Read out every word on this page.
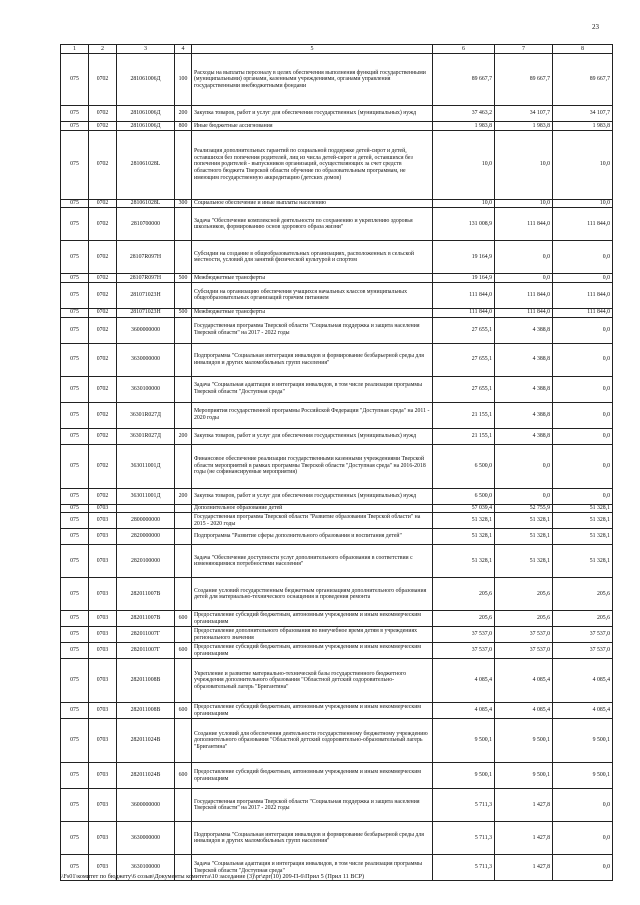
23
1	2	3	4	5	6	7	8
075	0702	281061006Д	100	Расходы на выплаты персоналу в целях обеспечения выполнения функций государственными (муниципальными) органами, казенными учреждениями, органами управления государственными внебюджетными фондами	89 667,7	89 667,7	89 667,7
075	0702	281061006Д	200	Закупка товаров, работ и услуг для обеспечения государственных (муниципальных) нужд	37 463,2	34 107,7	34 107,7
075	0702	281061006Д	800	Иные бюджетные ассигнования	1 983,8	1 983,8	1 983,8
075	0702	281061028L		Реализация дополнительных гарантий по социальной поддержке детей-сирот и детей, оставшихся без попечения родителей, лиц из числа детей-сирот и детей, оставшихся без попечения родителей - выпускников организаций, осуществляющих за счет средств областного бюджета Тверской области обучение по образовательным программам, не имеющим государственную аккредитацию (детских домов)	10,0	10,0	10,0
075	0702	281061028L	300	Социальное обеспечение и иные выплаты населению	10,0	10,0	10,0
075	0702	2810700000		Задача "Обеспечение комплексной деятельности по сохранению и укреплению здоровья школьников, формированию основ здорового образа жизни"	131 008,9	111 844,0	111 844,0
075	0702	28107R097H		Субсидии на создание в общеобразовательных организациях, расположенных в сельской местности, условий для занятий физической культурой и спортом	19 164,9	0,0	0,0
075	0702	28107R097H	500	Межбюджетные трансферты	19 164,9	0,0	0,0
075	0702	281071023H		Субсидии на организацию обеспечения учащихся начальных классов муниципальных общеобразовательных организаций горячим питанием	111 844,0	111 844,0	111 844,0
075	0702	281071023H	500	Межбюджетные трансферты	111 844,0	111 844,0	111 844,0
075	0702	3600000000		Государственная программа Тверской области "Социальная поддержка и защита населения Тверской области" на 2017 - 2022 годы	27 655,1	4 388,8	0,0
075	0702	3630000000		Подпрограмма "Социальная интеграция инвалидов и формирование безбарьерной среды для инвалидов и других маломобильных групп населения"	27 655,1	4 388,8	0,0
075	0702	3630100000		Задача "Социальная адаптация и интеграция инвалидов, в том числе реализация программы Тверской области "Доступная среда"	27 655,1	4 388,8	0,0
075	0702	36301R027Д		Мероприятия государственной программы Российской Федерации "Доступная среда" на 2011 - 2020 годы	21 155,1	4 388,8	0,0
075	0702	36301R027Д	200	Закупка товаров, работ и услуг для обеспечения государственных (муниципальных) нужд	21 155,1	4 388,8	0,0
075	0702	363011001Д		Финансовое обеспечение реализации государственными казенными учреждениями Тверской области мероприятий в рамках программы Тверской области "Доступная среда" на 2016-2018 годы (не софинансируемые мероприятия)	6 500,0	0,0	0,0
075	0702	363011001Д	200	Закупка товаров, работ и услуг для обеспечения государственных (муниципальных) нужд	6 500,0	0,0	0,0
075	0703			Дополнительное образование детей	57 039,4	52 755,9	51 328,1
075	0703	2800000000		Государственная программа Тверской области "Развитие образования Тверской области" на 2015 - 2020 годы	51 328,1	51 328,1	51 328,1
075	0703	2820000000		Подпрограмма "Развитие сферы дополнительного образования и воспитания детей"	51 328,1	51 328,1	51 328,1
075	0703	2820100000		Задача "Обеспечение доступности услуг дополнительного образования в соответствии с изменяющимися потребностями населения"	51 328,1	51 328,1	51 328,1
075	0703	282011007B		Создание условий государственным бюджетным организациям дополнительного образования детей для материально-технического оснащения и проведения ремонта	205,6	205,6	205,6
075	0703	282011007B	600	Предоставление субсидий бюджетным, автономным учреждениям и иным некоммерческим организациям	205,6	205,6	205,6
075	0703	282011007Г		Предоставление дополнительного образования во внеучебное время детям в учреждениях регионального значения	37 537,0	37 537,0	37 537,0
075	0703	282011007Г	600	Предоставление субсидий бюджетным, автономным учреждениям и иным некоммерческим организациям	37 537,0	37 537,0	37 537,0
075	0703	282011008В		Укрепление и развитие материально-технической базы государственного бюджетного учреждения дополнительного образования "Областной детский оздоровительно-образовательный лагерь "Бригантина"	4 085,4	4 085,4	4 085,4
075	0703	282011008В	600	Предоставление субсидий бюджетным, автономным учреждениям и иным некоммерческим организациям	4 085,4	4 085,4	4 085,4
075	0703	282011024B		Создание условий для обеспечения деятельности государственному бюджетному учреждению дополнительного образования "Областной детский оздоровительно-образовательный лагерь "Бригантина"	9 500,1	9 500,1	9 500,1
075	0703	282011024B	600	Предоставление субсидий бюджетным, автономным учреждениям и иным некоммерческим организациям	9 500,1	9 500,1	9 500,1
075	0703	3600000000		Государственная программа Тверской области "Социальная поддержка и защита населения Тверской области" на 2017 - 2022 годы	5 711,3	1 427,8	0,0
075	0703	3630000000		Подпрограмма "Социальная интеграция инвалидов и формирование безбарьерной среды для инвалидов и других маломобильных групп населения"	5 711,3	1 427,8	0,0
075	0703	3630100000		Задача "Социальная адаптация и интеграция инвалидов, в том числе реализация программы Тверской области "Доступная среда"	5 711,3	1 427,8	0,0
\\Fs01\комитет по бюджету\6 созыв\Документы комитета\10 заседание (3)\pr\zpr(10) 209-П-6\Прил 5 (Прил 11 ВСР)
